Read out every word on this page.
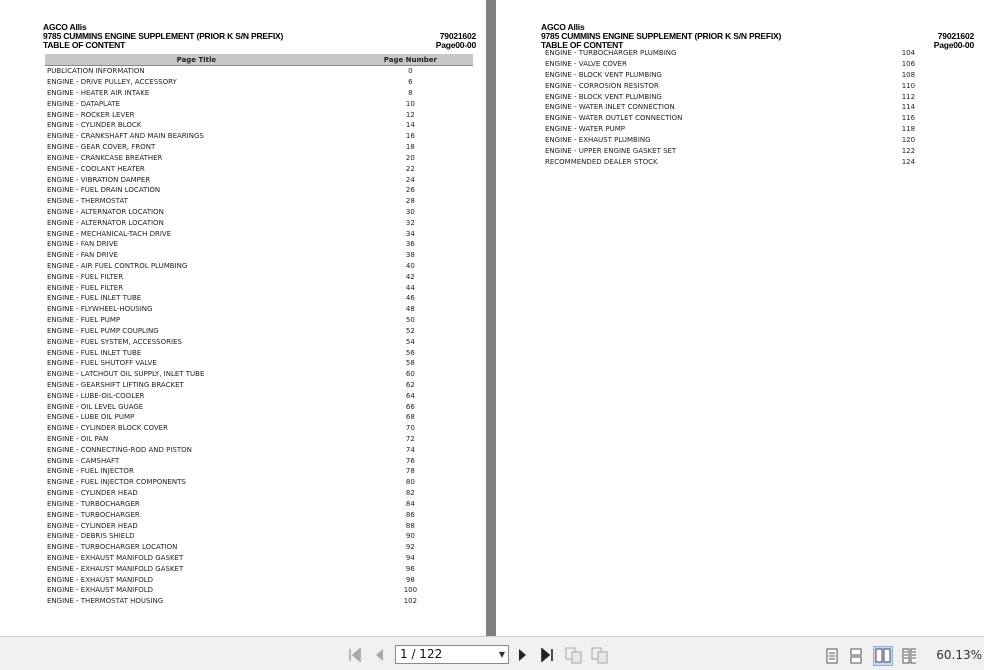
AGCO Allis
9785 CUMMINS ENGINE SUPPLEMENT (PRIOR K S/N PREFIX)
TABLE OF CONTENT
79021602
Page00-00
Page Title	Page Number
PUBLICATION INFORMATION	0
ENGINE - DRIVE PULLEY, ACCESSORY	6
ENGINE - HEATER AIR INTAKE	8
ENGINE - DATAPLATE	10
ENGINE - ROCKER LEVER	12
ENGINE - CYLINDER BLOCK	14
ENGINE - CRANKSHAFT AND MAIN BEARINGS	16
ENGINE - GEAR COVER, FRONT	18
ENGINE - CRANKCASE BREATHER	20
ENGINE - COOLANT HEATER	22
ENGINE - VIBRATION DAMPER	24
ENGINE - FUEL DRAIN LOCATION	26
ENGINE - THERMOSTAT	28
ENGINE - ALTERNATOR LOCATION	30
ENGINE - ALTERNATOR LOCATION	32
ENGINE - MECHANICAL-TACH DRIVE	34
ENGINE - FAN DRIVE	36
ENGINE - FAN DRIVE	38
ENGINE - AIR FUEL CONTROL PLUMBING	40
ENGINE - FUEL FILTER	42
ENGINE - FUEL FILTER	44
ENGINE - FUEL INLET TUBE	46
ENGINE - FLYWHEEL-HOUSING	48
ENGINE - FUEL PUMP	50
ENGINE - FUEL PUMP COUPLING	52
ENGINE - FUEL SYSTEM, ACCESSORIES	54
ENGINE - FUEL INLET TUBE	56
ENGINE - FUEL SHUTOFF VALVE	58
ENGINE - LATCHOUT OIL SUPPLY, INLET TUBE	60
ENGINE - GEARSHIFT LIFTING BRACKET	62
ENGINE - LUBE-OIL-COOLER	64
ENGINE - OIL LEVEL GUAGE	66
ENGINE - LUBE OIL PUMP	68
ENGINE - CYLINDER BLOCK COVER	70
ENGINE - OIL PAN	72
ENGINE - CONNECTING-ROD AND PISTON	74
ENGINE - CAMSHAFT	76
ENGINE - FUEL INJECTOR	78
ENGINE - FUEL INJECTOR COMPONENTS	80
ENGINE - CYLINDER HEAD	82
ENGINE - TURBOCHARGER	84
ENGINE - TURBOCHARGER	86
ENGINE - CYLINDER HEAD	88
ENGINE - DEBRIS SHIELD	90
ENGINE - TURBOCHARGER LOCATION	92
ENGINE - EXHAUST MANIFOLD GASKET	94
ENGINE - EXHAUST MANIFOLD GASKET	96
ENGINE - EXHAUST MANIFOLD	98
ENGINE - EXHAUST MANIFOLD	100
ENGINE - THERMOSTAT HOUSING	102
AGCO Allis
9785 CUMMINS ENGINE SUPPLEMENT (PRIOR K S/N PREFIX)
TABLE OF CONTENT
79021602
Page00-00
ENGINE - TURBOCHARGER PLUMBING	104
ENGINE - VALVE COVER	106
ENGINE - BLOCK VENT PLUMBING	108
ENGINE - CORROSION RESISTOR	110
ENGINE - BLOCK VENT PLUMBING	112
ENGINE - WATER INLET CONNECTION	114
ENGINE - WATER OUTLET CONNECTION	116
ENGINE - WATER PUMP	118
ENGINE - EXHAUST PLUMBING	120
ENGINE - UPPER ENGINE GASKET SET	122
RECOMMENDED DEALER STOCK	124
1 / 122	▼	60.13%
